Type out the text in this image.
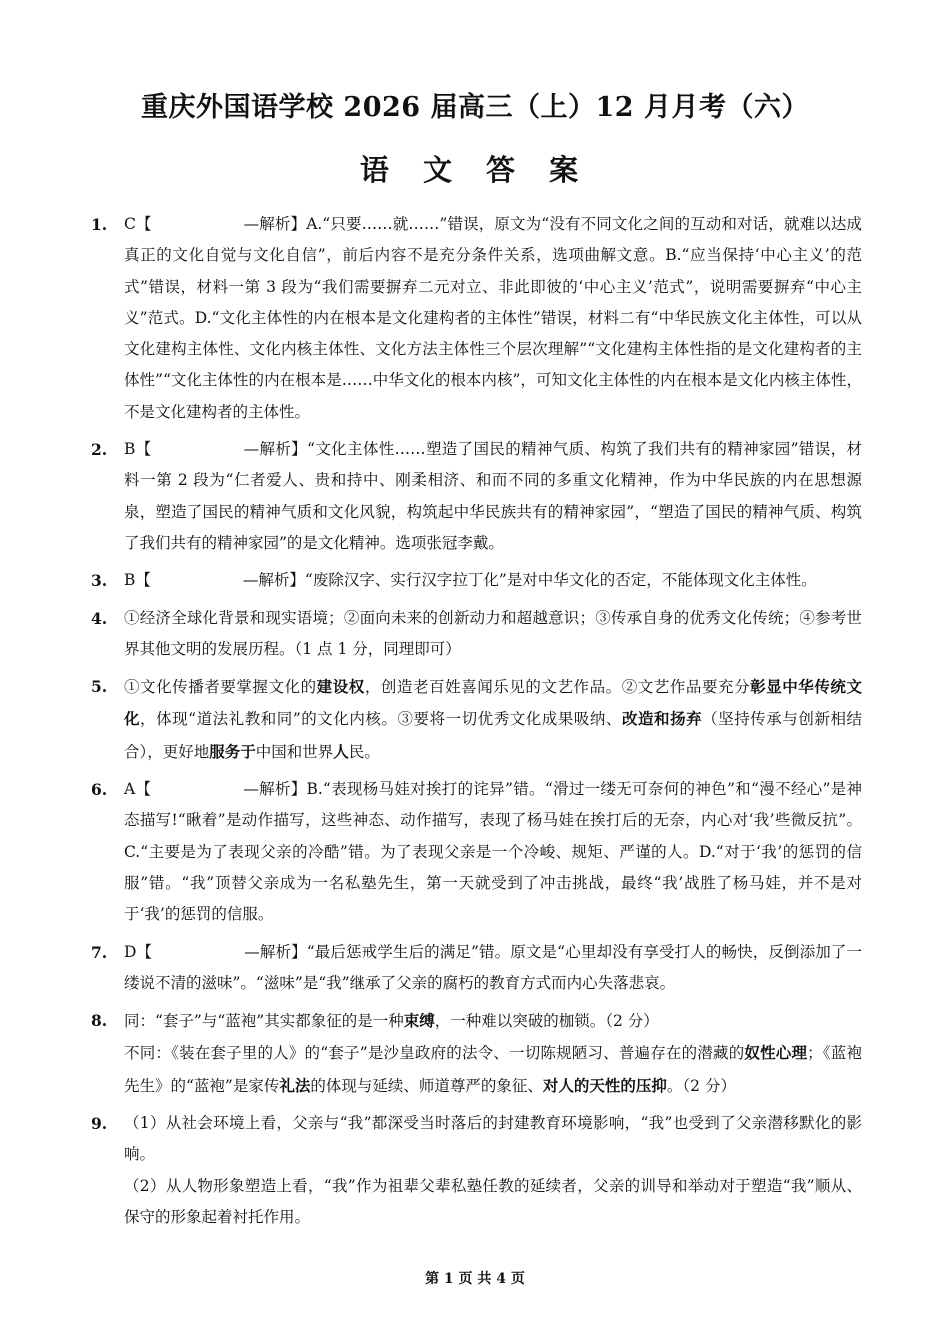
重庆外国语学校 2026 届高三（上）12 月月考（六）
语 文 答 案
1. C【	—解析】A.“只要……就……”错误，原文为“没有不同文化之间的互动和对话，就难以达成真正的文化自觉与文化自信”，前后内容不是充分条件关系，选项曲解文意。B.“应当保持‘中心主义’的范式”错误，材料一第 3 段为“我们需要摒弃二元对立、非此即彼的‘中心主义’范式”，说明需要摒弃“中心主义”范式。D.“文化主体性的内在根本是文化建构者的主体性”错误，材料二有“中华民族文化主体性，可以从文化建构主体性、文化内核主体性、文化方法主体性三个层次理解”“文化建构主体性指的是文化建构者的主体性”“文化主体性的内在根本是……中华文化的根本内核”，可知文化主体性的内在根本是文化内核主体性，不是文化建构者的主体性。

2. B【	—解析】“文化主体性……塑造了国民的精神气质、构筑了我们共有的精神家园”错误，材料一第 2 段为“仁者爱人、贵和持中、刚柔相济、和而不同的多重文化精神，作为中华民族的内在思想源泉，塑造了国民的精神气质和文化风貌，构筑起中华民族共有的精神家园”，“塑造了国民的精神气质、构筑了我们共有的精神家园”的是文化精神。选项张冠李戴。

3. B【	—解析】“废除汉字、实行汉字拉丁化”是对中华文化的否定，不能体现文化主体性。

4. ①经济全球化背景和现实语境；②面向未来的创新动力和超越意识；③传承自身的优秀文化传统；④参考世界其他文明的发展历程。（1 点 1 分，同理即可）

5. ①文化传播者要掌握文化的建设权，创造老百姓喜闻乐见的文艺作品。②文艺作品要充分彰显中华传统文化，体现“道法礼教和同”的文化内核。③要将一切优秀文化成果吸纳、改造和扬弃（坚持传承与创新相结合），更好地服务于中国和世界人民。

6. A【	—解析】B.“表现杨马娃对挨打的诧异”错。“滑过一缕无可奈何的神色”和“漫不经心”是神态描写!“瞅着”是动作描写，这些神态、动作描写，表现了杨马娃在挨打后的无奈，内心对‘我’些微反抗”。C.“主要是为了表现父亲的冷酷”错。为了表现父亲是一个冷峻、规矩、严谨的人。D.“对于‘我’的惩罚的信服”错。“我”顶替父亲成为一名私塾先生，第一天就受到了冲击挑战，最终“我’战胜了杨马娃，并不是对于‘我’的惩罚的信服。

7. D【	—解析】“最后惩戒学生后的满足”错。原文是“心里却没有享受打人的畅快，反倒添加了一缕说不清的滋味”。“滋味”是“我”继承了父亲的腐朽的教育方式而内心失落悲哀。

8. 同：“套子”与“蓝袍”其实都象征的是一种束缚，一种难以突破的枷锁。（2 分）

不同：《装在套子里的人》的“套子”是沙皇政府的法令、一切陈规陋习、普遍存在的潜藏的奴性心理；《蓝袍先生》的“蓝袍”是家传礼法的体现与延续、师道尊严的象征、对人的天性的压抑。（2 分）

9. （1）从社会环境上看，父亲与“我”都深受当时落后的封建教育环境影响，“我”也受到了父亲潜移默化的影响。

（2）从人物形象塑造上看，“我”作为祖辈父辈私塾任教的延续者，父亲的训导和举动对于塑造“我”顺从、保守的形象起着衬托作用。

第 1 页 共 4 页
